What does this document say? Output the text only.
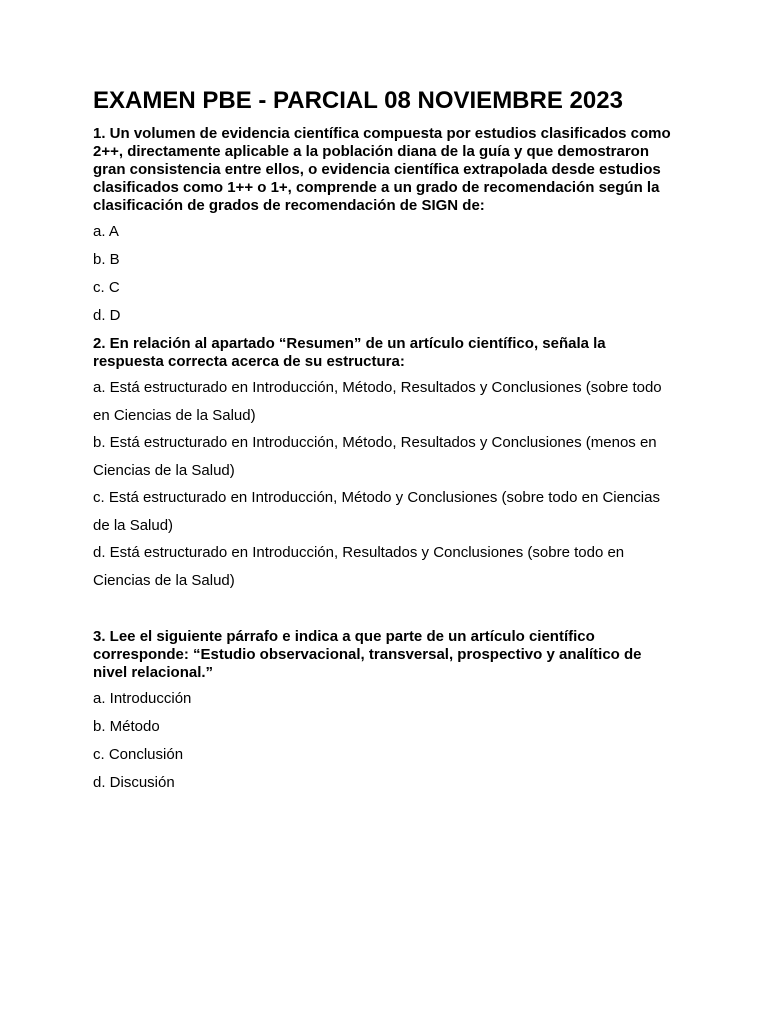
EXAMEN PBE - PARCIAL 08 NOVIEMBRE 2023

1. Un volumen de evidencia científica compuesta por estudios clasificados como 2++, directamente aplicable a la población diana de la guía y que demostraron gran consistencia entre ellos, o evidencia científica extrapolada desde estudios clasificados como 1++ o 1+, comprende a un grado de recomendación según la clasificación de grados de recomendación de SIGN de:

a. A

b. B

c. C

d. D

2. En relación al apartado “Resumen” de un artículo científico, señala la respuesta correcta acerca de su estructura:

a. Está estructurado en Introducción, Método, Resultados y Conclusiones (sobre todo en Ciencias de la Salud)

b. Está estructurado en Introducción, Método, Resultados y Conclusiones (menos en Ciencias de la Salud)

c. Está estructurado en Introducción, Método y Conclusiones (sobre todo en Ciencias de la Salud)

d. Está estructurado en Introducción, Resultados y Conclusiones (sobre todo en Ciencias de la Salud)

3. Lee el siguiente párrafo e indica a que parte de un artículo científico corresponde: “Estudio observacional, transversal, prospectivo y analítico de nivel relacional.”

a. Introducción

b. Método

c. Conclusión

d. Discusión
